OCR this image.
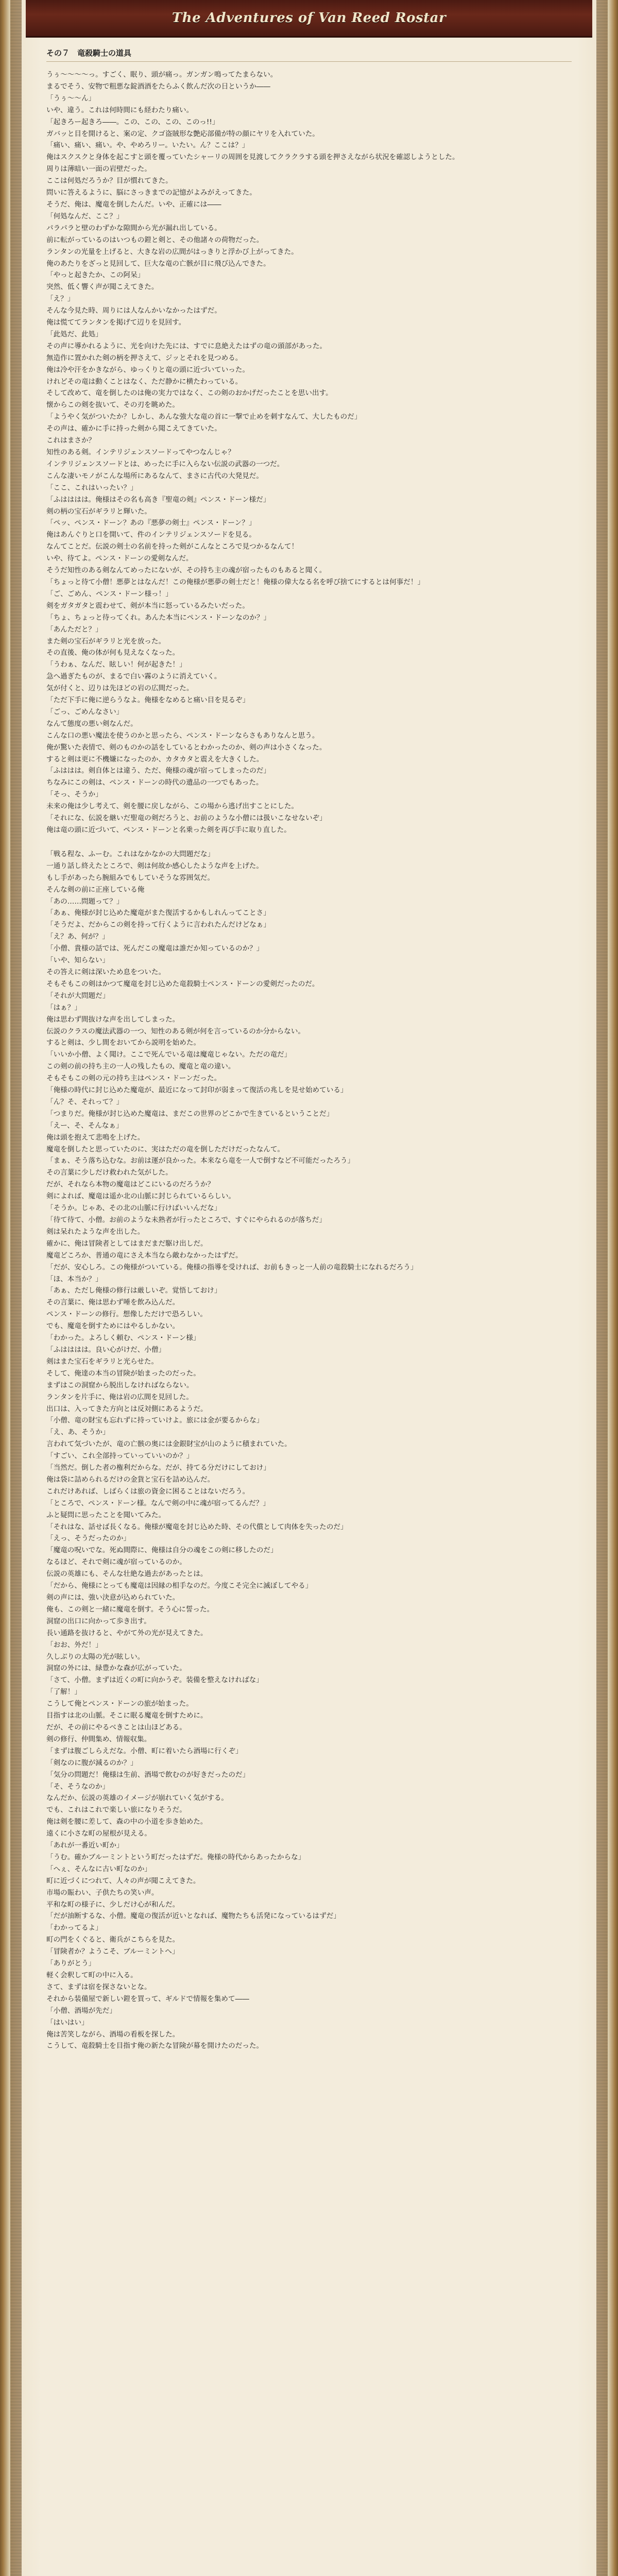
The Adventures of Van Reed Rostar
その７　竜殺騎士の道具

うぅ〜〜〜〜っ。すごく、眠り、頭が痛っ。ガンガン鳴ってたまらない。

まるでそう、安物で粗悪な錠酒酒をたらふく飲んだ次の日というか――

「うぅ〜〜ん」

いや、違う。これは何時間にも経わたり痛い。

「起きろー起きろ――。この、この、この、このっ!!」

ガバッと目を開けると、案の定、クゴ盗賊形な艶応部備が特の顔にヤリを入れていた。

「痛い、痛い、痛い。や、やめろリー。いたい。ん？ここは？」

俺はスクスクと身体を起こすと頭を覆っていたシャーリの周囲を見渡してクラクラする頭を押さえながら状況を確認しようとした。

周りは薄暗い一面の岩壁だった。

ここは何処だろうか？目が慣れてきた。

問いに答えるように、脳にさっきまでの記憶がよみがえってきた。

そうだ、俺は、魔竜を倒したんだ。いや、正確には――

「何処なんだ、ここ？」

パラパラと壁のわずかな隙間から光が漏れ出している。

前に転がっているのはいつもの鎧と剣と、その他諸々の荷物だった。

ランタンの光量を上げると、大きな岩の広間がはっきりと浮かび上がってきた。

俺のあたりをざっと見回して、巨大な竜の亡骸が目に飛び込んできた。

「やっと起きたか、この阿呆」

突然、低く響く声が聞こえてきた。

「え？」

そんな今見た時、周りには人なんかいなかったはずだ。

俺は慌ててランタンを掲げて辺りを見回す。

「此処だ、此処」

その声に導かれるように、光を向けた先には、すでに息絶えたはずの竜の頭部があった。

無造作に置かれた剣の柄を押さえて、ジッとそれを見つめる。

俺は冷や汗をかきながら、ゆっくりと竜の頭に近づいていった。

けれどその竜は動くことはなく、ただ静かに横たわっている。

そして改めて、竜を倒したのは俺の実力ではなく、この剣のおかげだったことを思い出す。

懐からこの剣を抜いて、その刃を眺めた。

「ようやく気がついたか？しかし、あんな強大な竜の首に一撃で止めを刺すなんて、大したものだ」

その声は、確かに手に持った剣から聞こえてきていた。

これはまさか？

知性のある剣。インテリジェンスソードってやつなんじゃ？

インテリジェンスソードとは、めったに手に入らない伝説の武器の一つだ。

こんな凄いモノがこんな場所にあるなんて、まさに古代の大発見だ。

「ここ、これはいったい？」

「ふはははは。俺様はその名も高き『聖竜の剣』ペンス・ドーン様だ」

剣の柄の宝石がギラリと輝いた。

「ペッ、ペンス・ドーン？あの『悪夢の剣士』ペンス・ドーン？」

俺はあんぐりと口を開いて、件のインテリジェンスソードを見る。

なんてことだ。伝説の剣士の名前を持った剣がこんなところで見つかるなんて！

いや、待てよ。ペンス・ドーンの愛剣なんだ。

そうだ知性のある剣なんてめったにないが、その持ち主の魂が宿ったものもあると聞く。

「ちょっと待て小僧！悪夢とはなんだ！この俺様が悪夢の剣士だと！俺様の偉大なる名を呼び捨てにするとは何事だ！」

「ご、ごめん、ペンス・ドーン様っ！」

剣をガタガタと震わせて、剣が本当に怒っているみたいだった。

「ちょ、ちょっと待ってくれ。あんた本当にペンス・ドーンなのか？」

「あんただと？」

また剣の宝石がギラリと光を放った。

その直後、俺の体が何も見えなくなった。

「うわぁ、なんだ、眩しい！何が起きた！」

急へ過ぎたものが、まるで白い霧のように消えていく。

気が付くと、辺りは先ほどの岩の広間だった。

「ただ下手に俺に逆らうなよ。俺様をなめると痛い目を見るぞ」

「ごっ、ごめんなさい」

なんて態度の悪い剣なんだ。

こんな口の悪い魔法を使うのかと思ったら、ペンス・ドーンならさもありなんと思う。

俺が驚いた表情で、剣のものかの話をしているとわかったのか、剣の声は小さくなった。

すると剣は更に不機嫌になったのか、カタカタと震えを大きくした。

「ふははは。剣自体とは違う、ただ、俺様の魂が宿ってしまったのだ」

ちなみにこの剣は、ペンス・ドーンの時代の遺品の一つでもあった。

「そっ、そうか」

未来の俺は少し考えて、剣を腰に戻しながら、この場から逃げ出すことにした。

「それにな、伝説を継いだ聖竜の剣だろうと、お前のような小僧には扱いこなせないぞ」

俺は竜の頭に近づいて、ペンス・ドーンと名乗った剣を再び手に取り直した。

「戦る程な、ふーむ。これはなかなかの大問題だな」

一通り話し終えたところで、剣は何故か感心したような声を上げた。

もし手があったら腕組みでもしていそうな雰囲気だ。

そんな剣の前に正座している俺

「あの……問題って？」

「あぁ、俺様が封じ込めた魔竜がまた復活するかもしれんってことさ」

「そうだよ、だからこの剣を持って行くように言われたんだけどなぁ」

「え？あ、何が？」

「小僧、貴様の話では、死んだこの魔竜は誰だか知っているのか？」

「いや、知らない」

その答えに剣は深いため息をついた。

そもそもこの剣はかつて魔竜を封じ込めた竜殺騎士ペンス・ドーンの愛剣だったのだ。

「それが大問題だ」

「はぁ？」

俺は思わず間抜けな声を出してしまった。

伝説のクラスの魔法武器の一つ、知性のある剣が何を言っているのか分からない。

すると剣は、少し間をおいてから説明を始めた。

「いいか小僧、よく聞け。ここで死んでいる竜は魔竜じゃない。ただの竜だ」

この剣の前の持ち主の一人の残したもの、魔竜と竜の違い。

そもそもこの剣の元の持ち主はペンス・ドーンだった。

「俺様の時代に封じ込めた魔竜が、最近になって封印が弱まって復活の兆しを見せ始めている」

「ん？そ、それって？」

「つまりだ。俺様が封じ込めた魔竜は、まだこの世界のどこかで生きているということだ」

「えー、そ、そんなぁ」

俺は頭を抱えて悲鳴を上げた。

魔竜を倒したと思っていたのに、実はただの竜を倒しただけだったなんて。

「まぁ、そう落ち込むな。お前は運が良かった。本来なら竜を一人で倒すなど不可能だったろう」

その言葉に少しだけ救われた気がした。

だが、それなら本物の魔竜はどこにいるのだろうか？

剣によれば、魔竜は遥か北の山脈に封じられているらしい。

「そうか。じゃあ、その北の山脈に行けばいいんだな」

「待て待て、小僧。お前のような未熟者が行ったところで、すぐにやられるのが落ちだ」

剣は呆れたような声を出した。

確かに、俺は冒険者としてはまだまだ駆け出しだ。

魔竜どころか、普通の竜にさえ本当なら敵わなかったはずだ。

「だが、安心しろ。この俺様がついている。俺様の指導を受ければ、お前もきっと一人前の竜殺騎士になれるだろう」

「ほ、本当か？」

「あぁ、ただし俺様の修行は厳しいぞ。覚悟しておけ」

その言葉に、俺は思わず唾を飲み込んだ。

ペンス・ドーンの修行。想像しただけで恐ろしい。

でも、魔竜を倒すためにはやるしかない。

「わかった。よろしく頼む、ペンス・ドーン様」

「ふはははは。良い心がけだ、小僧」

剣はまた宝石をギラリと光らせた。

そして、俺達の本当の冒険が始まったのだった。

まずはこの洞窟から脱出しなければならない。

ランタンを片手に、俺は岩の広間を見回した。

出口は、入ってきた方向とは反対側にあるようだ。

「小僧、竜の財宝も忘れずに持っていけよ。旅には金が要るからな」

「え、あ、そうか」

言われて気づいたが、竜の亡骸の奥には金銀財宝が山のように積まれていた。

「すごい、これ全部持っていっていいのか？」

「当然だ。倒した者の権利だからな。だが、持てる分だけにしておけ」

俺は袋に詰められるだけの金貨と宝石を詰め込んだ。

これだけあれば、しばらくは旅の資金に困ることはないだろう。

「ところで、ペンス・ドーン様。なんで剣の中に魂が宿ってるんだ？」

ふと疑問に思ったことを聞いてみた。

「それはな、話せば長くなる。俺様が魔竜を封じ込めた時、その代償として肉体を失ったのだ」

「えっ、そうだったのか」

「魔竜の呪いでな。死ぬ間際に、俺様は自分の魂をこの剣に移したのだ」

なるほど、それで剣に魂が宿っているのか。

伝説の英雄にも、そんな壮絶な過去があったとは。

「だから、俺様にとっても魔竜は因縁の相手なのだ。今度こそ完全に滅ぼしてやる」

剣の声には、強い決意が込められていた。

俺も、この剣と一緒に魔竜を倒す。そう心に誓った。

洞窟の出口に向かって歩き出す。

長い通路を抜けると、やがて外の光が見えてきた。

「おお、外だ！」

久しぶりの太陽の光が眩しい。

洞窟の外には、緑豊かな森が広がっていた。

「さて、小僧。まずは近くの町に向かうぞ。装備を整えなければな」

「了解！」

こうして俺とペンス・ドーンの旅が始まった。

目指すは北の山脈。そこに眠る魔竜を倒すために。

だが、その前にやるべきことは山ほどある。

剣の修行、仲間集め、情報収集。

「まずは腹ごしらえだな。小僧、町に着いたら酒場に行くぞ」

「剣なのに腹が減るのか？」

「気分の問題だ！俺様は生前、酒場で飲むのが好きだったのだ」

「そ、そうなのか」

なんだか、伝説の英雄のイメージが崩れていく気がする。

でも、これはこれで楽しい旅になりそうだ。

俺は剣を腰に差して、森の中の小道を歩き始めた。

遠くに小さな町の屋根が見える。

「あれが一番近い町か」

「うむ。確かブルーミントという町だったはずだ。俺様の時代からあったからな」

「へぇ、そんなに古い町なのか」

町に近づくにつれて、人々の声が聞こえてきた。

市場の賑わい、子供たちの笑い声。

平和な町の様子に、少しだけ心が和んだ。

「だが油断するな、小僧。魔竜の復活が近いとなれば、魔物たちも活発になっているはずだ」

「わかってるよ」

町の門をくぐると、衛兵がこちらを見た。

「冒険者か？ようこそ、ブルーミントへ」

「ありがとう」

軽く会釈して町の中に入る。

さて、まずは宿を探さないとな。

それから装備屋で新しい鎧を買って、ギルドで情報を集めて――

「小僧、酒場が先だ」

「はいはい」

俺は苦笑しながら、酒場の看板を探した。

こうして、竜殺騎士を目指す俺の新たな冒険が幕を開けたのだった。
